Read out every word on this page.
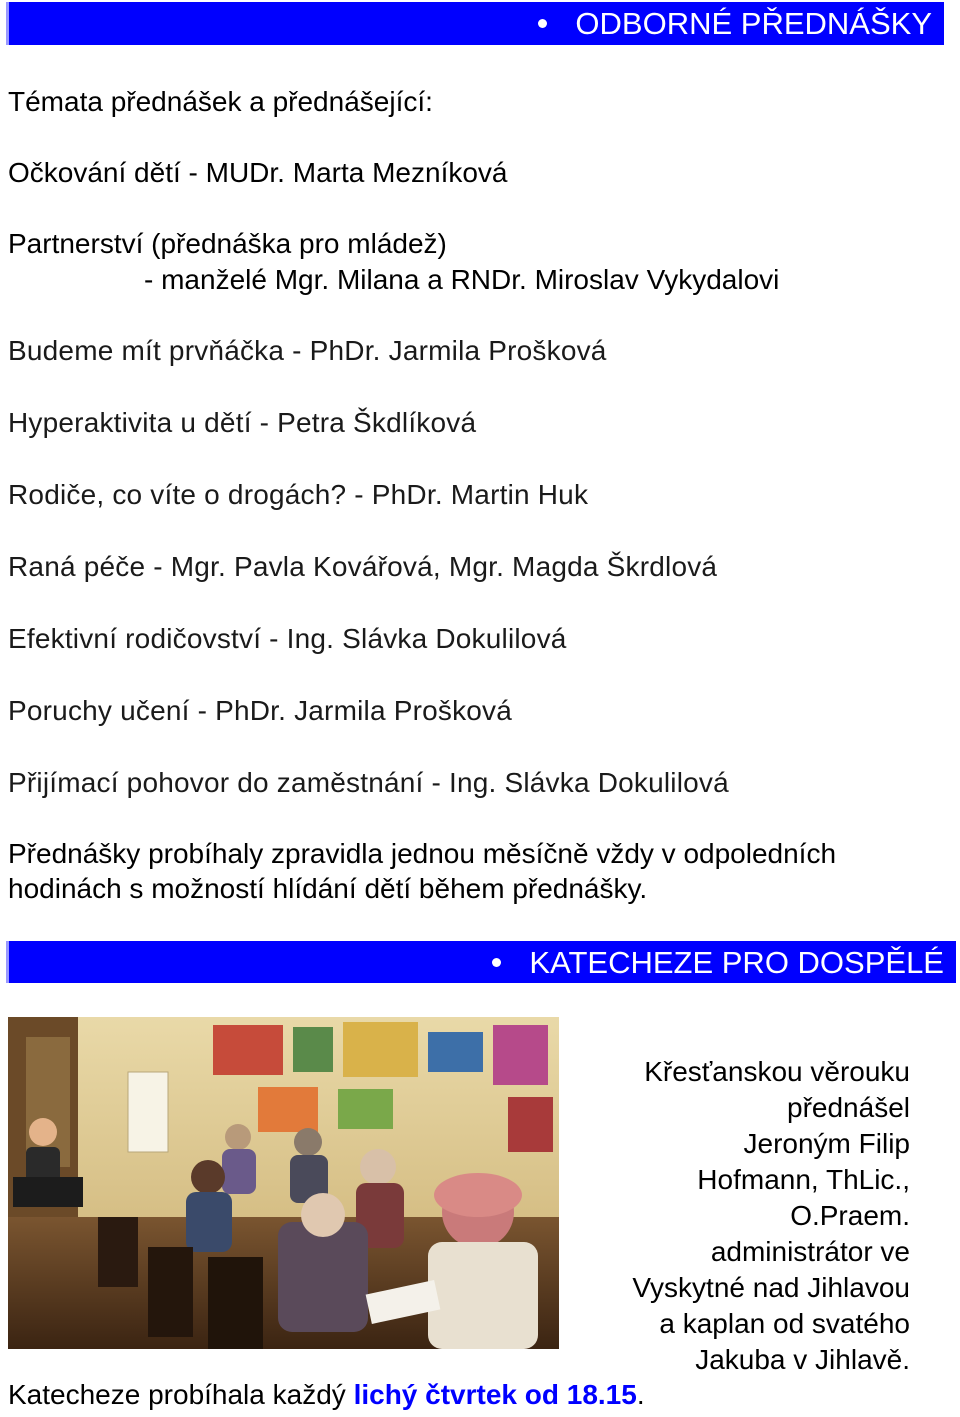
ODBORNÉ PŘEDNÁŠKY
Témata přednášek a přednášející:
Očkování dětí - MUDr. Marta Mezníková
Partnerství (přednáška pro mládež)
- manželé Mgr. Milana a RNDr. Miroslav Vykydalovi
Budeme mít prvňáčka - PhDr. Jarmila Prošková
Hyperaktivita u dětí - Petra Škdlíková
Rodiče, co víte o drogách? - PhDr. Martin Huk
Raná péče - Mgr. Pavla Kovářová, Mgr. Magda Škrdlová
Efektivní rodičovství - Ing. Slávka Dokulilová
Poruchy učení - PhDr. Jarmila Prošková
Přijímací pohovor do zaměstnání - Ing. Slávka Dokulilová
Přednášky probíhaly zpravidla jednou měsíčně vždy v odpoledních
hodinách s možností hlídání dětí během přednášky.
KATECHEZE PRO DOSPĚLÉ
Křesťanskou věrouku
přednášel
Jeroným Filip
Hofmann, ThLic.,
O.Praem.
administrátor ve
Vyskytné nad Jihlavou
a kaplan od svatého
Jakuba v Jihlavě.
Katecheze probíhala každý lichý čtvrtek od 18.15.
